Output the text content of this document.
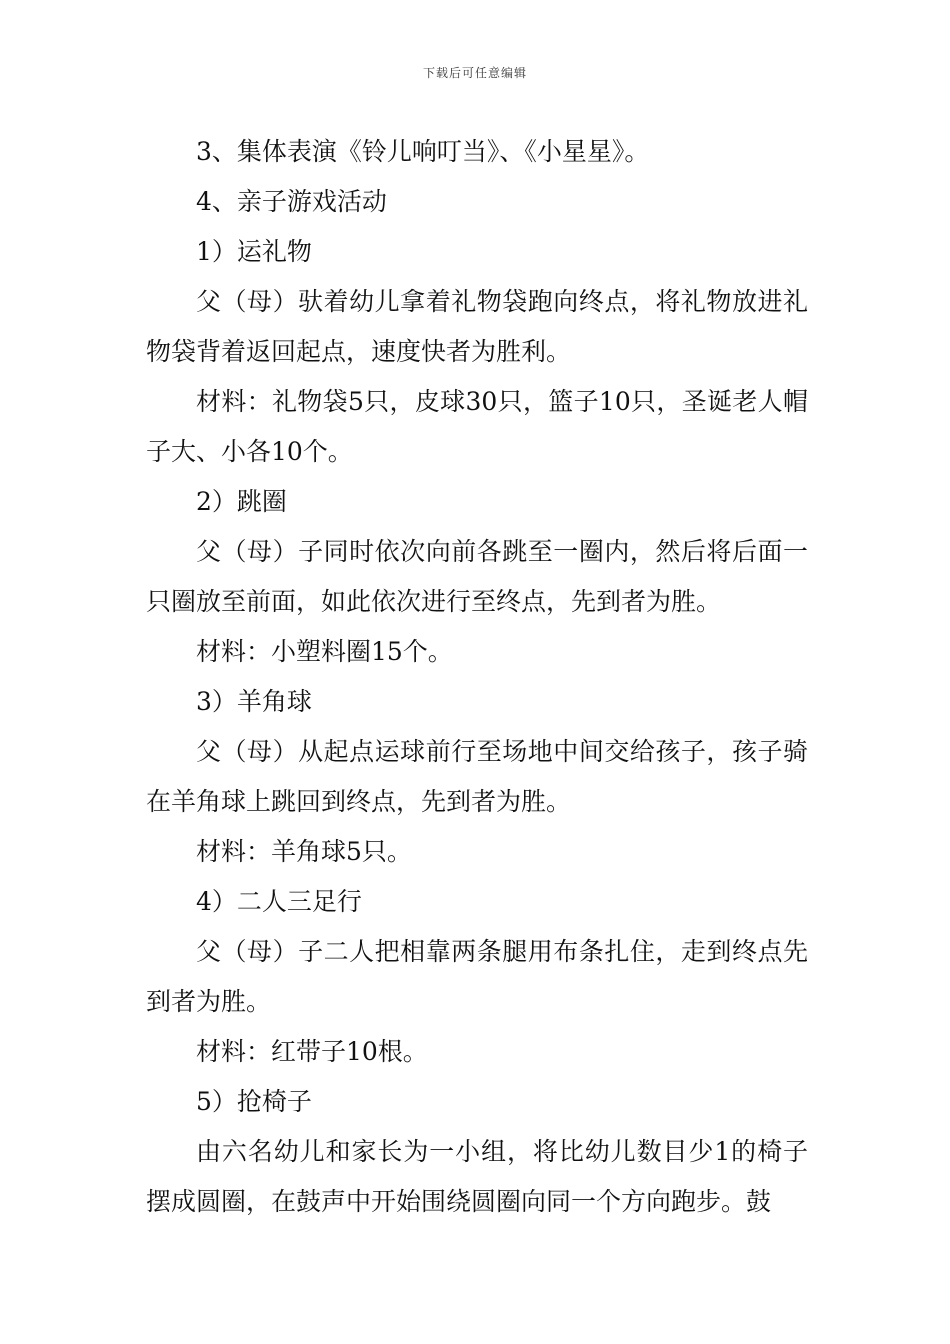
下载后可任意编辑

3、集体表演《铃儿响叮当》、《小星星》。

4、亲子游戏活动

1）运礼物

父（母）驮着幼儿拿着礼物袋跑向终点，将礼物放进礼物袋背着返回起点，速度快者为胜利。

材料：礼物袋5只，皮球30只，篮子10只，圣诞老人帽子大、小各10个。

2）跳圈

父（母）子同时依次向前各跳至一圈内，然后将后面一只圈放至前面，如此依次进行至终点，先到者为胜。

材料：小塑料圈15个。

3）羊角球

父（母）从起点运球前行至场地中间交给孩子，孩子骑在羊角球上跳回到终点，先到者为胜。

材料：羊角球5只。

4）二人三足行

父（母）子二人把相靠两条腿用布条扎住，走到终点先到者为胜。

材料：红带子10根。

5）抢椅子

由六名幼儿和家长为一小组，将比幼儿数目少1的椅子摆成圆圈，在鼓声中开始围绕圆圈向同一个方向跑步。鼓
